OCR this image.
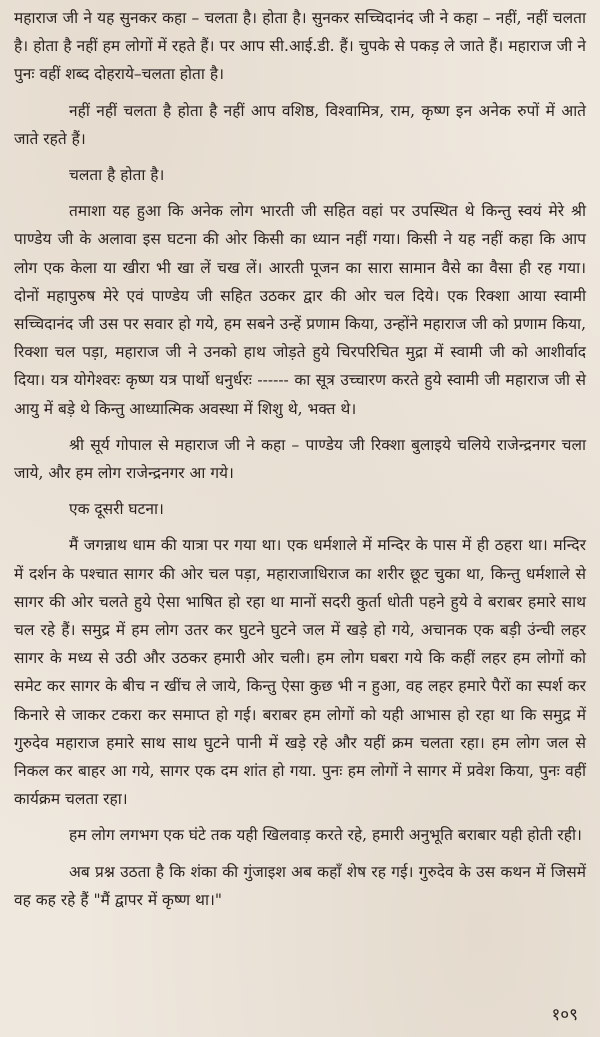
महाराज जी ने यह सुनकर कहा – चलता है। होता है। सुनकर सच्चिदानंद जी ने कहा – नहीं, नहीं चलता है। होता है नहीं हम लोगों में रहते हैं। पर आप सी.आई.डी. हैं। चुपके से पकड़ ले जाते हैं। महाराज जी ने पुनः वहीं शब्द दोहराये–चलता होता है।

नहीं नहीं चलता है होता है नहीं आप वशिष्ठ, विश्वामित्र, राम, कृष्ण इन अनेक रुपों में आते जाते रहते हैं।

चलता है होता है।

तमाशा यह हुआ कि अनेक लोग भारती जी सहित वहां पर उपस्थित थे किन्तु स्वयं मेरे श्री पाण्डेय जी के अलावा इस घटना की ओर किसी का ध्यान नहीं गया। किसी ने यह नहीं कहा कि आप लोग एक केला या खीरा भी खा लें चख लें। आरती पूजन का सारा सामान वैसे का वैसा ही रह गया। दोनों महापुरुष मेरे एवं पाण्डेय जी सहित उठकर द्वार की ओर चल दिये। एक रिक्शा आया स्वामी सच्चिदानंद जी उस पर सवार हो गये, हम सबने उन्हें प्रणाम किया, उन्होंने महाराज जी को प्रणाम किया, रिक्शा चल पड़ा, महाराज जी ने उनको हाथ जोड़ते हुये चिरपरिचित मुद्रा में स्वामी जी को आशीर्वाद दिया। यत्र योगेश्वरः कृष्ण यत्र पार्थो धनुर्धरः ------ का सूत्र उच्चारण करते हुये स्वामी जी महाराज जी से आयु में बड़े थे किन्तु आध्यात्मिक अवस्था में शिशु थे, भक्त थे।

श्री सूर्य गोपाल से महाराज जी ने कहा – पाण्डेय जी रिक्शा बुलाइये चलिये राजेन्द्रनगर चला जाये, और हम लोग राजेन्द्रनगर आ गये।

एक दूसरी घटना।

मैं जगन्नाथ धाम की यात्रा पर गया था। एक धर्मशाले में मन्दिर के पास में ही ठहरा था। मन्दिर में दर्शन के पश्चात सागर की ओर चल पड़ा, महाराजाधिराज का शरीर छूट चुका था, किन्तु धर्मशाले से सागर की ओर चलते हुये ऐसा भाषित हो रहा था मानों सदरी कुर्ता धोती पहने हुये वे बराबर हमारे साथ चल रहे हैं। समुद्र में हम लोग उतर कर घुटने घुटने जल में खड़े हो गये, अचानक एक बड़ी उंन्ची लहर सागर के मध्य से उठी और उठकर हमारी ओर चली। हम लोग घबरा गये कि कहीं लहर हम लोगों को समेट कर सागर के बीच न खींच ले जाये, किन्तु ऐसा कुछ भी न हुआ, वह लहर हमारे पैरों का स्पर्श कर किनारे से जाकर टकरा कर समाप्त हो गई। बराबर हम लोगों को यही आभास हो रहा था कि समुद्र में गुरुदेव महाराज हमारे साथ साथ घुटने पानी में खड़े रहे और यहीं क्रम चलता रहा। हम लोग जल से निकल कर बाहर आ गये, सागर एक दम शांत हो गया. पुनः हम लोगों ने सागर में प्रवेश किया, पुनः वहीं कार्यक्रम चलता रहा।

हम लोग लगभग एक घंटे तक यही खिलवाड़ करते रहे, हमारी अनुभूति बराबार यही होती रही।

अब प्रश्न उठता है कि शंका की गुंजाइश अब कहाँ शेष रह गई। गुरुदेव के उस कथन में जिसमें वह कह रहे हैं "मैं द्वापर में कृष्ण था।"

१०९
